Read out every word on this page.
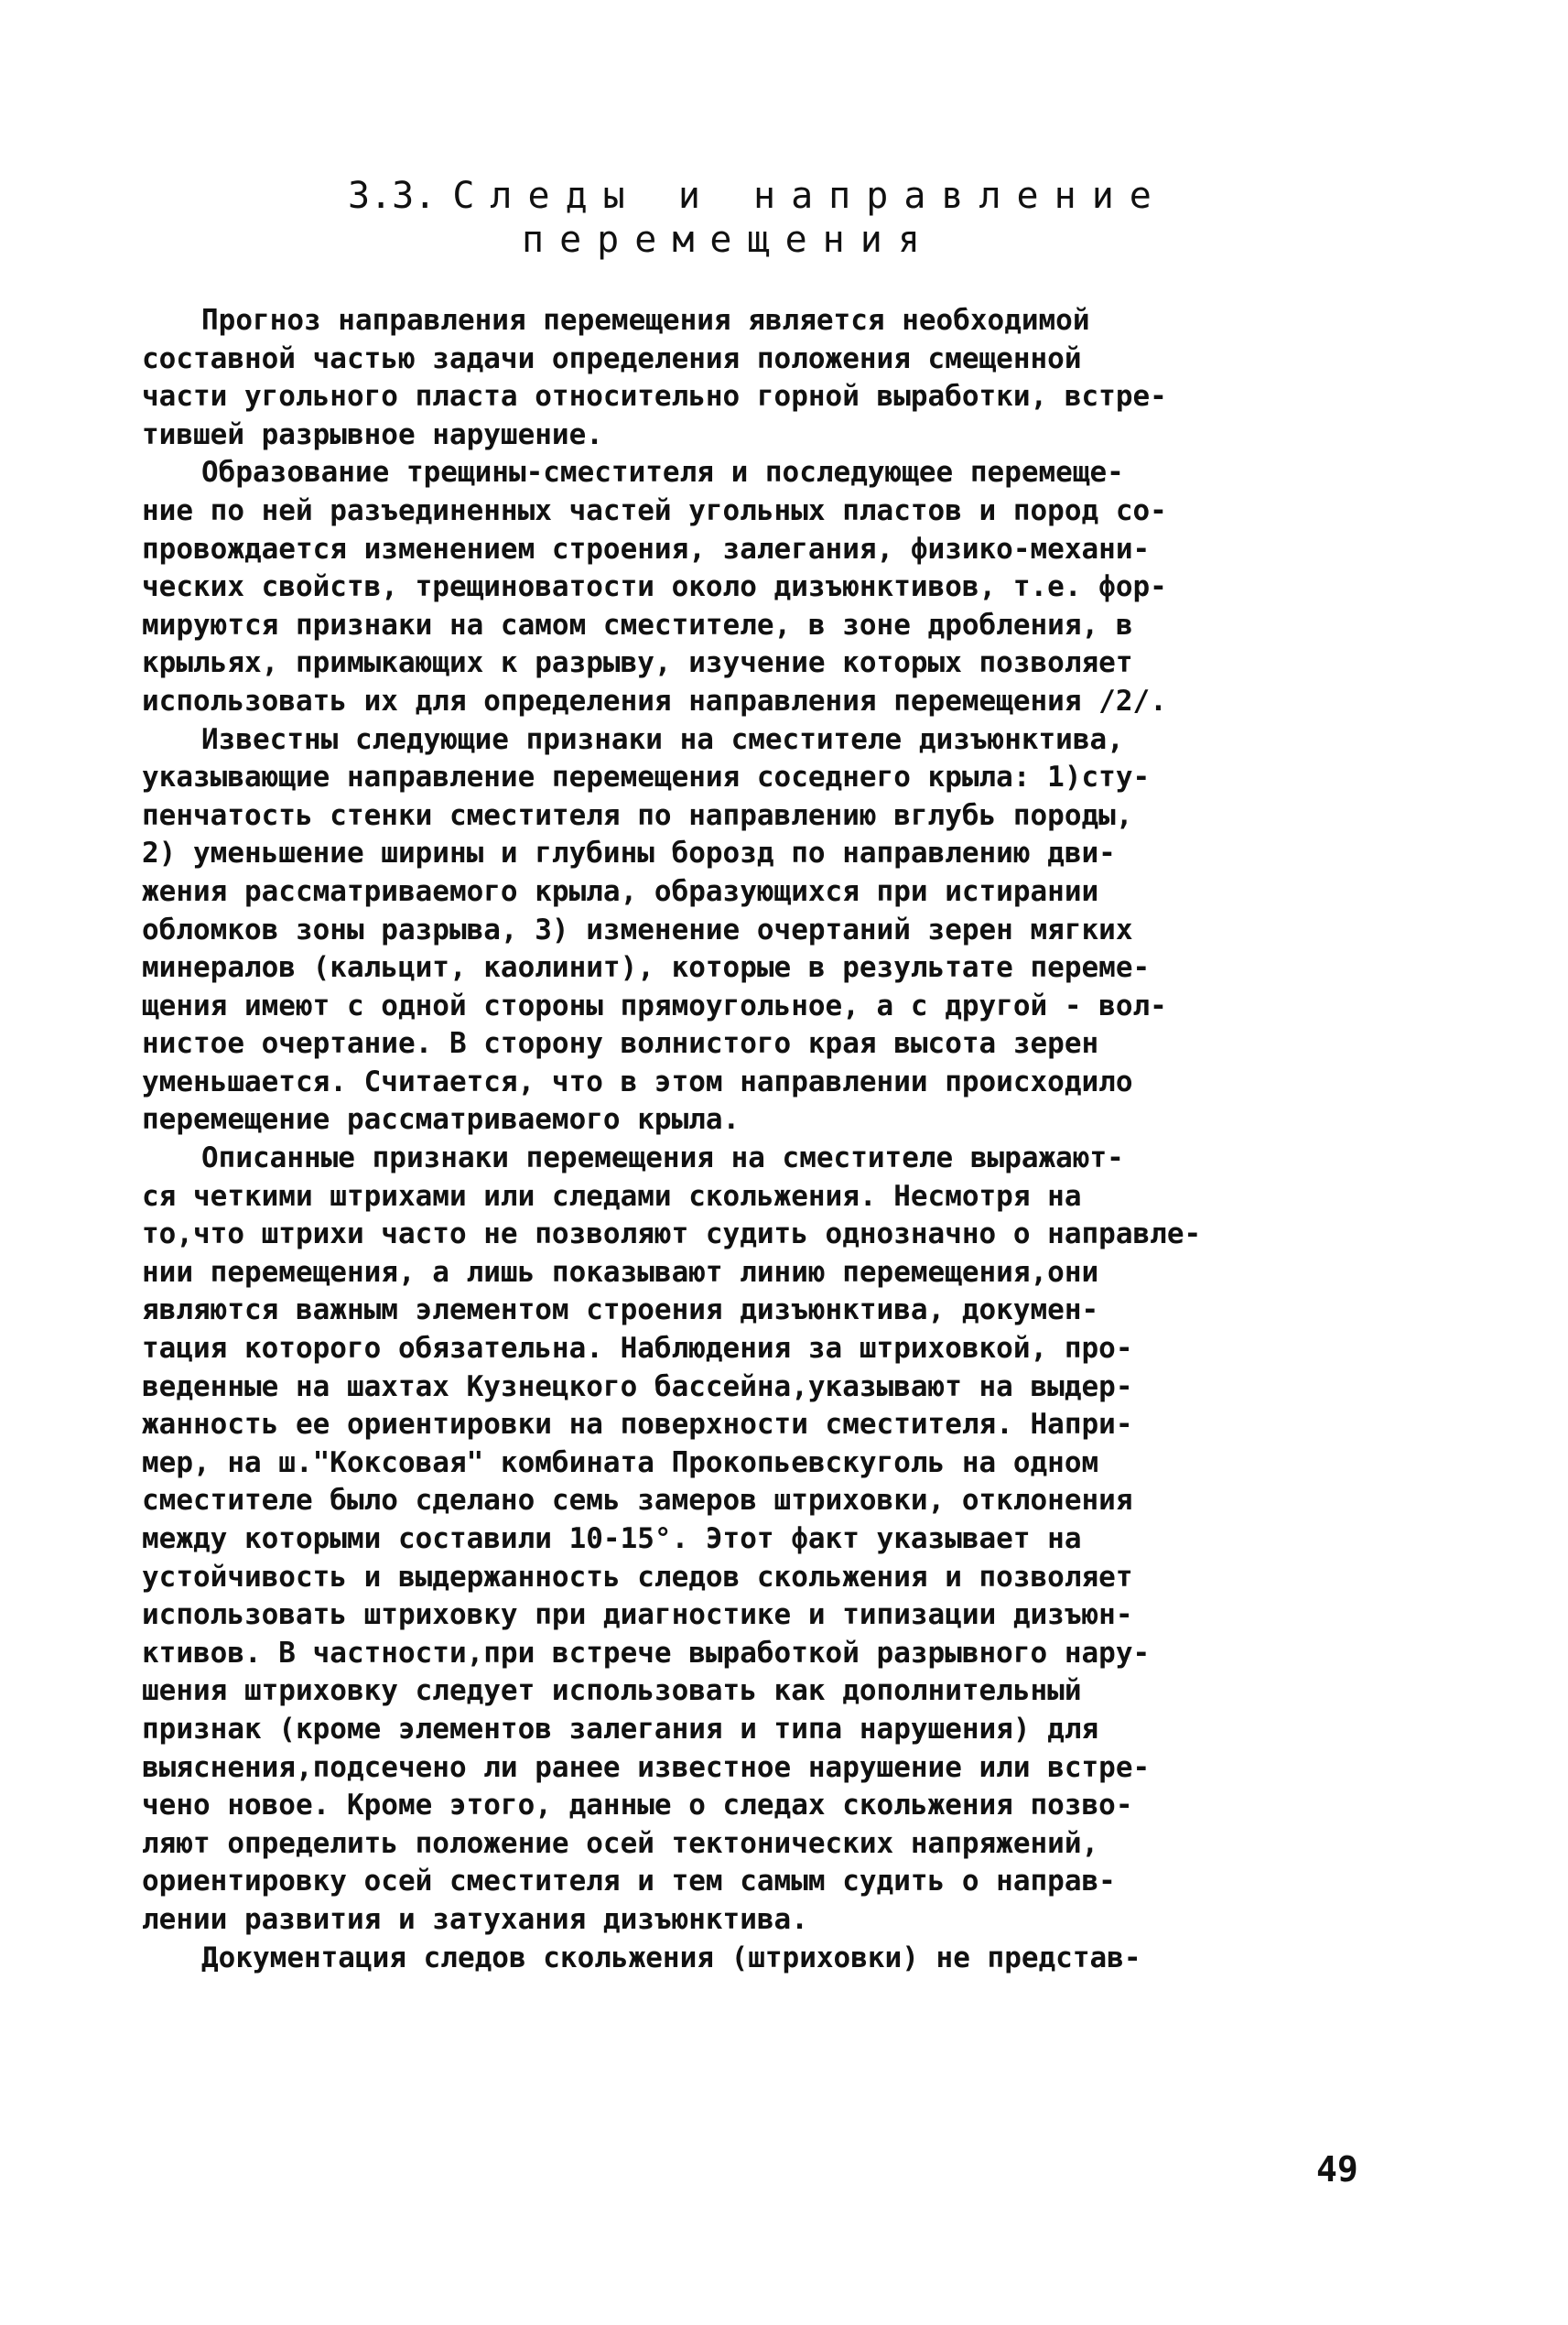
3.3. Следы и направление
перемещения
Прогноз направления перемещения является необходимой
составной частью задачи определения положения смещенной
части угольного пласта относительно горной выработки, встре-
тившей разрывное нарушение.
Образование трещины-сместителя и последующее перемеще-
ние по ней разъединенных частей угольных пластов и пород со-
провождается изменением строения, залегания, физико-механи-
ческих свойств, трещиноватости около дизъюнктивов, т.е. фор-
мируются признаки на самом сместителе, в зоне дробления, в
крыльях, примыкающих к разрыву, изучение которых позволяет
использовать их для определения направления перемещения /2/.
Известны следующие признаки на сместителе дизъюнктива,
указывающие направление перемещения соседнего крыла: 1)сту-
пенчатость стенки сместителя по направлению вглубь породы,
2) уменьшение ширины и глубины борозд по направлению дви-
жения рассматриваемого крыла, образующихся при истирании
обломков зоны разрыва, 3) изменение очертаний зерен мягких
минералов (кальцит, каолинит), которые в результате переме-
щения имеют с одной стороны прямоугольное, а с другой - вол-
нистое очертание. В сторону волнистого края высота зерен
уменьшается. Считается, что в этом направлении происходило
перемещение рассматриваемого крыла.
Описанные признаки перемещения на сместителе выражают-
ся четкими штрихами или следами скольжения. Несмотря на
то,что штрихи часто не позволяют судить однозначно о направле-
нии перемещения, а лишь показывают линию перемещения,они
являются важным элементом строения дизъюнктива, докумен-
тация которого обязательна. Наблюдения за штриховкой, про-
веденные на шахтах Кузнецкого бассейна,указывают на выдер-
жанность ее ориентировки на поверхности сместителя. Напри-
мер, на ш."Коксовая" комбината Прокопьевскуголь на одном
сместителе было сделано семь замеров штриховки, отклонения
между которыми составили 10-15°. Этот факт указывает на
устойчивость и выдержанность следов скольжения и позволяет
использовать штриховку при диагностике и типизации дизъюн-
ктивов. В частности,при встрече выработкой разрывного нару-
шения штриховку следует использовать как дополнительный
признак (кроме элементов залегания и типа нарушения) для
выяснения,подсечено ли ранее известное нарушение или встре-
чено новое. Кроме этого, данные о следах скольжения позво-
ляют определить положение осей тектонических напряжений,
ориентировку осей сместителя и тем самым судить о направ-
лении развития и затухания дизъюнктива.
Документация следов скольжения (штриховки) не представ-
49
